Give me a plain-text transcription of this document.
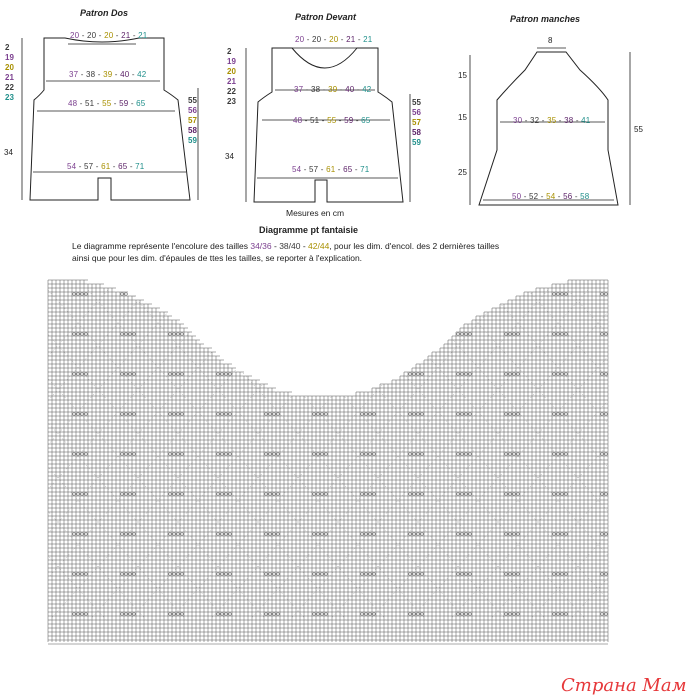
Patron Dos
2
19
20
21
22
23
34
55
56
57
58
59
20 - 20 - 20 - 21 - 21
37 - 38 - 39 - 40 - 42
48 - 51 - 55 - 59 - 65
54 - 57 - 61 - 65 - 71
Patron Devant
2
19
20
21
22
23
34
55
56
57
58
59
20 - 20 - 20 - 21 - 21
37 - 38 - 39 - 40 - 42
48 - 51 - 55 - 59 - 65
54 - 57 - 61 - 65 - 71
Mesures en cm
Patron manches
8
15
15
25
55
30 - 32 - 35 - 38 - 41
50 - 52 - 54 - 56 - 58
Diagramme pt fantaisie
Le diagramme représente l'encolure des tailles 34/36 - 38/40 - 42/44, pour les dim. d'encol. des 2 dernières tailles
ainsi que pour les dim. d'épaules de ttes les tailles, se reporter à l'explication.
Страна Мам
